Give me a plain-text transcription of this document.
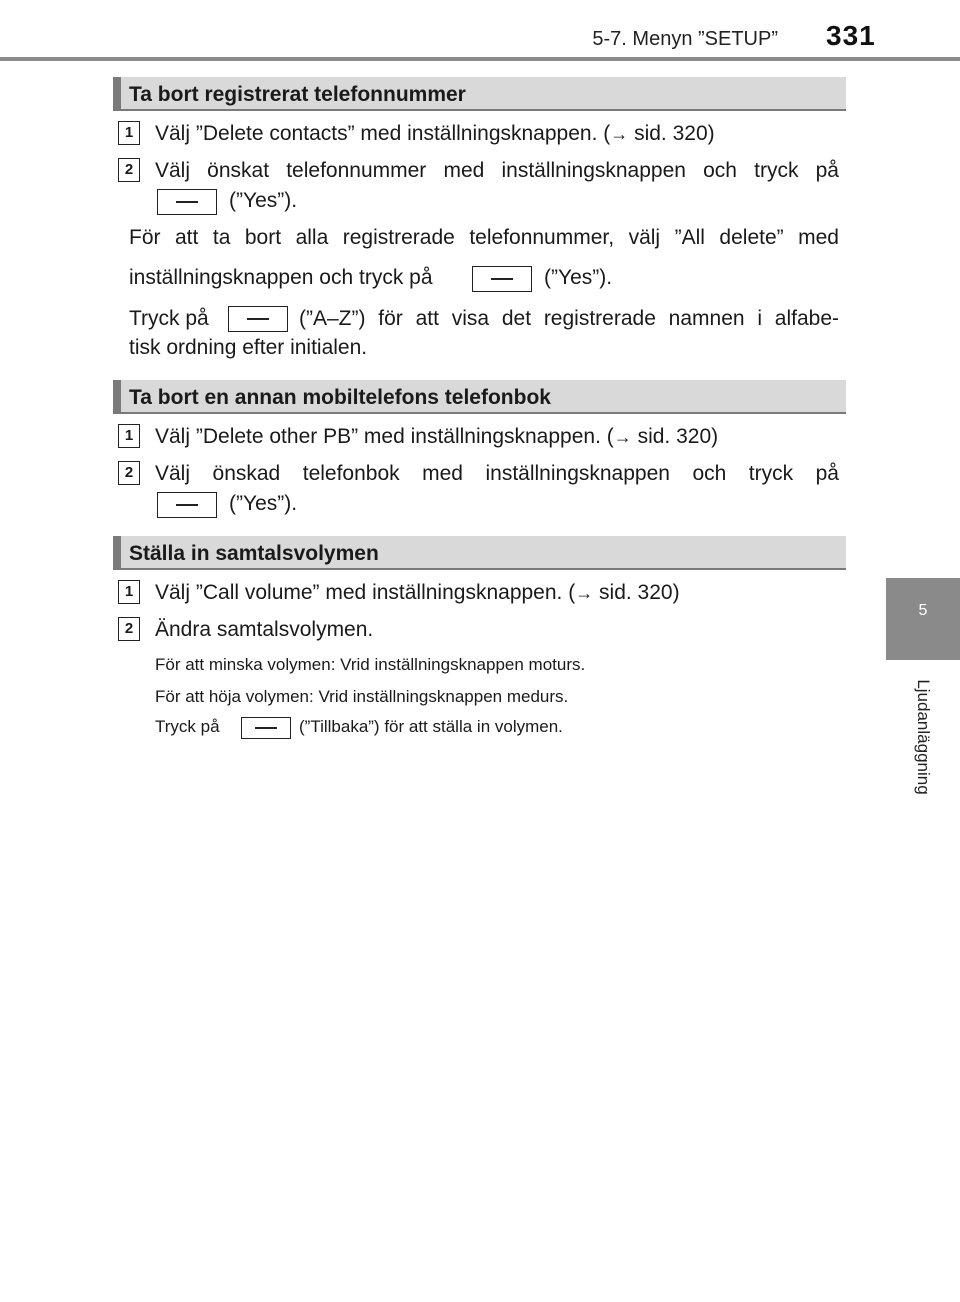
5-7. Menyn ”SETUP” 331
5
Ljudanläggning
Ta bort registrerat telefonnummer
1	Välj ”Delete contacts” med inställningsknappen. (→ sid. 320)
2	Välj önskat telefonnummer med inställningsknappen och tryck på
(”Yes”).
För att ta bort alla registrerade telefonnummer, välj ”All delete” med
inställningsknappen och tryck på	(”Yes”).
Tryck på	(”A–Z”) för att visa det registrerade namnen i alfabe-
tisk ordning efter initialen.
Ta bort en annan mobiltelefons telefonbok
1	Välj ”Delete other PB” med inställningsknappen. (→ sid. 320)
2	Välj önskad telefonbok med inställningsknappen och tryck på
(”Yes”).
Ställa in samtalsvolymen
1	Välj ”Call volume” med inställningsknappen. (→ sid. 320)
2	Ändra samtalsvolymen.
För att minska volymen: Vrid inställningsknappen moturs.
För att höja volymen: Vrid inställningsknappen medurs.
Tryck på	(”Tillbaka”) för att ställa in volymen.
